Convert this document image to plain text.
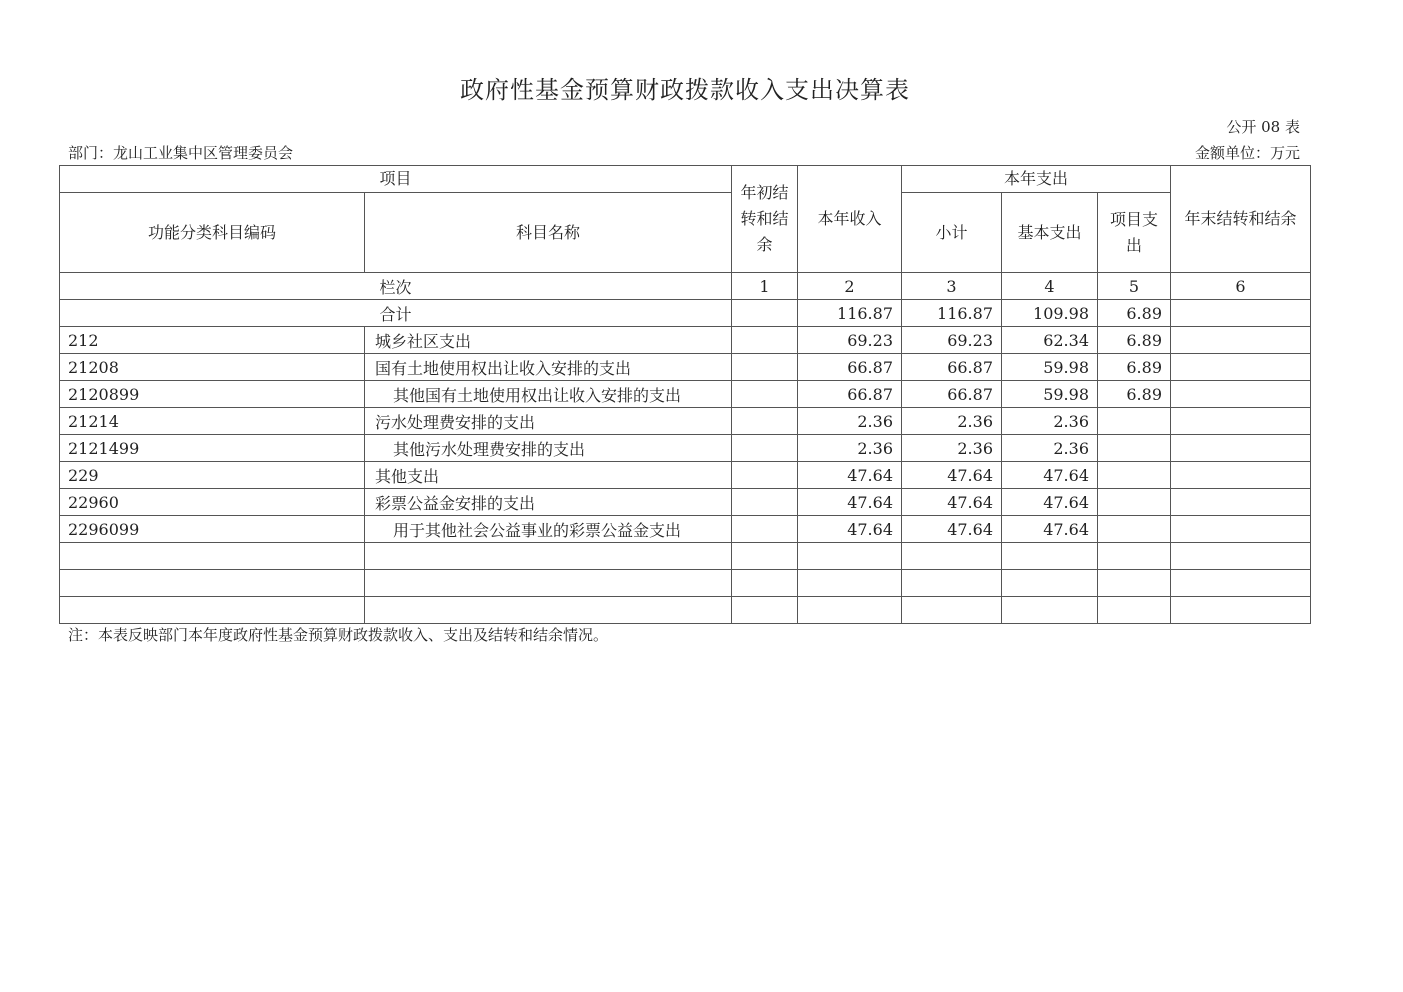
政府性基金预算财政拨款收入支出决算表
公开 08 表
部门：龙山工业集中区管理委员会	金额单位：万元
项目		年初结转和结余	本年收入	本年支出			年末结转和结余
功能分类科目编码	科目名称			小计	基本支出	项目支出	
栏次		1	2	3	4	5	6
合计			116.87	116.87	109.98	6.89	
212	城乡社区支出		69.23	69.23	62.34	6.89	
21208	国有土地使用权出让收入安排的支出		66.87	66.87	59.98	6.89	
2120899	其他国有土地使用权出让收入安排的支出		66.87	66.87	59.98	6.89	
21214	污水处理费安排的支出		2.36	2.36	2.36		
2121499	其他污水处理费安排的支出		2.36	2.36	2.36		
229	其他支出		47.64	47.64	47.64		
22960	彩票公益金安排的支出		47.64	47.64	47.64		
2296099	用于其他社会公益事业的彩票公益金支出		47.64	47.64	47.64		

注：本表反映部门本年度政府性基金预算财政拨款收入、支出及结转和结余情况。
